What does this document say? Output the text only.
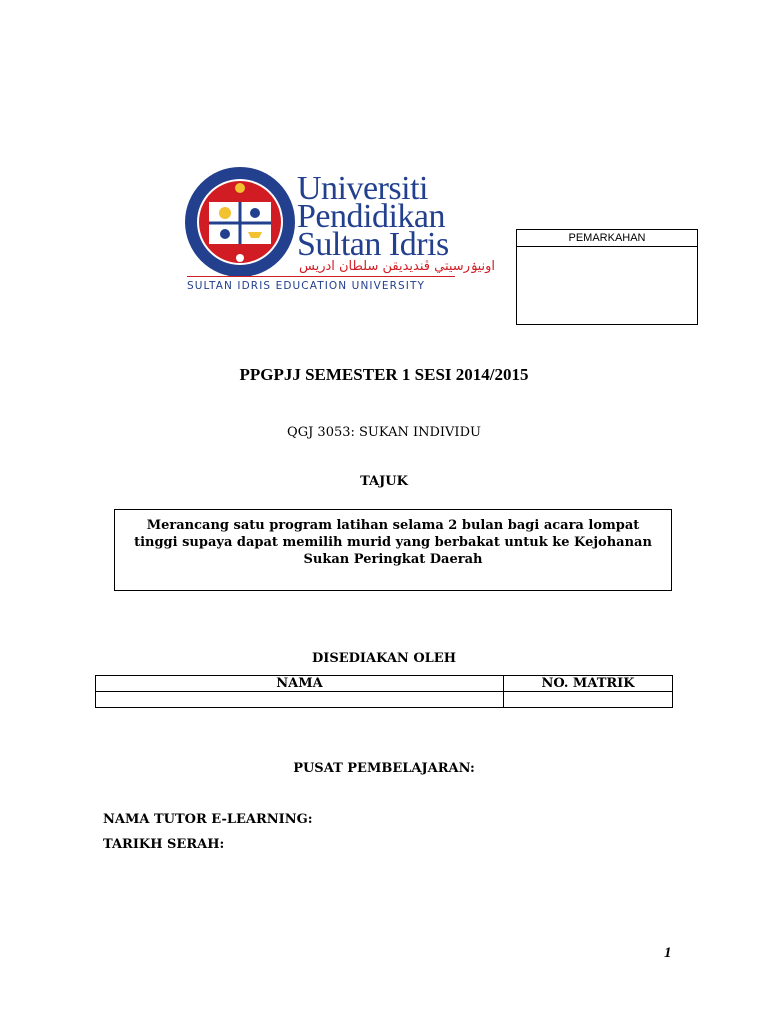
Universiti
Pendidikan
Sultan Idris
اونيۏرسيتي ڤنديديقن سلطان ادريس
SULTAN IDRIS EDUCATION UNIVERSITY
PEMARKAHAN
PPGPJJ SEMESTER 1 SESI 2014/2015
QGJ 3053: SUKAN INDIVIDU
TAJUK
Merancang satu program latihan selama 2 bulan bagi acara lompat tinggi supaya dapat memilih murid yang berbakat untuk ke Kejohanan Sukan Peringkat Daerah
DISEDIAKAN OLEH
NAMA	NO. MATRIK

PUSAT PEMBELAJARAN:
NAMA TUTOR E-LEARNING:
TARIKH SERAH:
1
